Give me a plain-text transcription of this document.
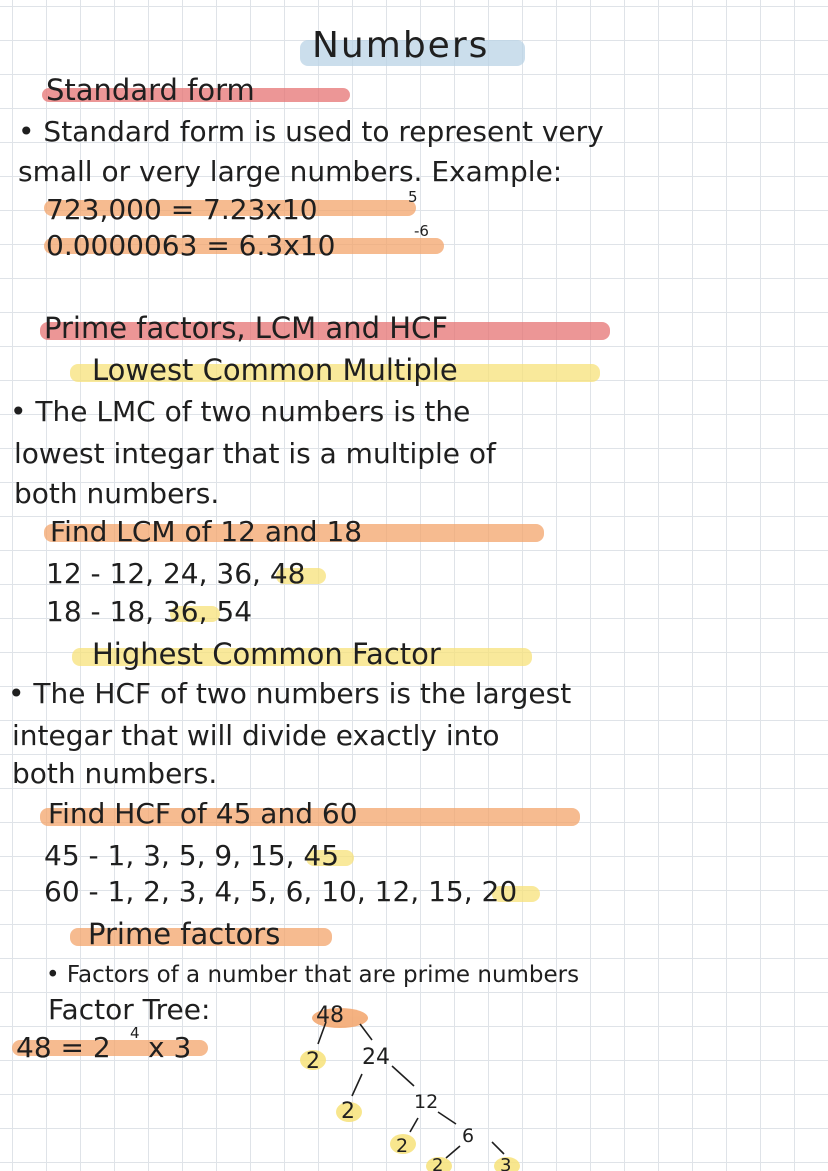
Numbers
Standard form
• Standard form is used to represent very
small or very large numbers. Example:
723,000 = 7.23x10	5
0.0000063 = 6.3x10	-6
Prime factors, LCM and HCF
Lowest Common Multiple
• The LMC of two numbers is the
lowest integar that is a multiple of
both numbers.
Find LCM of 12 and 18
12 - 12, 24, 36, 48
18 - 18, 36, 54
Highest Common Factor
• The HCF of two numbers is the largest
integar that will divide exactly into
both numbers.
Find HCF of 45 and 60
45 - 1, 3, 5, 9, 15, 45
60 - 1, 2, 3, 4, 5, 6, 10, 12, 15, 20
Prime factors
• Factors of a number that are prime numbers
Factor Tree:
48 = 2 4 x 3
48
2 24
2	12
2	6
2	3
